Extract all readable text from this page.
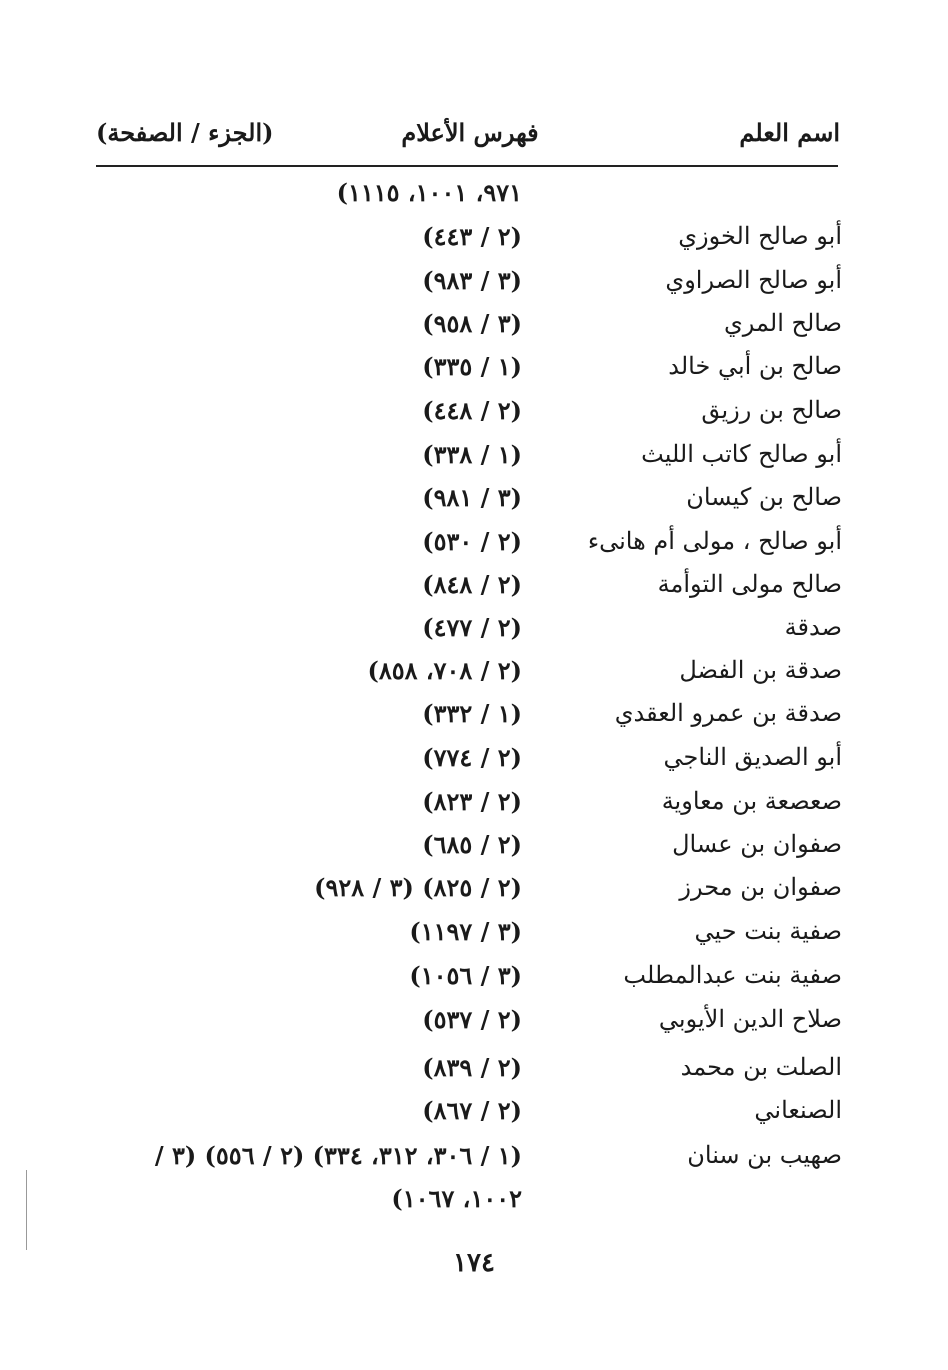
اسم العلم
فهرس الأعلام
(الجزء / الصفحة)
٩٧١، ١٠٠١، ١١١٥)
أبو صالح الخوزي
(٢ / ٤٤٣)
أبو صالح الصراوي
(٣ / ٩٨٣)
صالح المري
(٣ / ٩٥٨)
صالح بن أبي خالد
(١ / ٣٣٥)
صالح بن رزيق
(٢ / ٤٤٨)
أبو صالح كاتب الليث
(١ / ٣٣٨)
صالح بن كيسان
(٣ / ٩٨١)
أبو صالح ، مولى أم هانىء
(٢ / ٥٣٠)
صالح مولى التوأمة
(٢ / ٨٤٨)
صدقة
(٢ / ٤٧٧)
صدقة بن الفضل
(٢ / ٧٠٨، ٨٥٨)
صدقة بن عمرو العقدي
(١ / ٣٣٢)
أبو الصديق الناجي
(٢ / ٧٧٤)
صعصعة بن معاوية
(٢ / ٨٢٣)
صفوان بن عسال
(٢ / ٦٨٥)
صفوان بن محرز
(٢ / ٨٢٥) (٣ / ٩٢٨)
صفية بنت حيي
(٣ / ١١٩٧)
صفية بنت عبدالمطلب
(٣ / ١٠٥٦)
صلاح الدين الأيوبي
(٢ / ٥٣٧)
الصلت بن محمد
(٢ / ٨٣٩)
الصنعاني
(٢ / ٨٦٧)
صهيب بن سنان
(١ / ٣٠٦، ٣١٢، ٣٣٤) (٢ / ٥٥٦) (٣ /
١٠٠٢، ١٠٦٧)
١٧٤
